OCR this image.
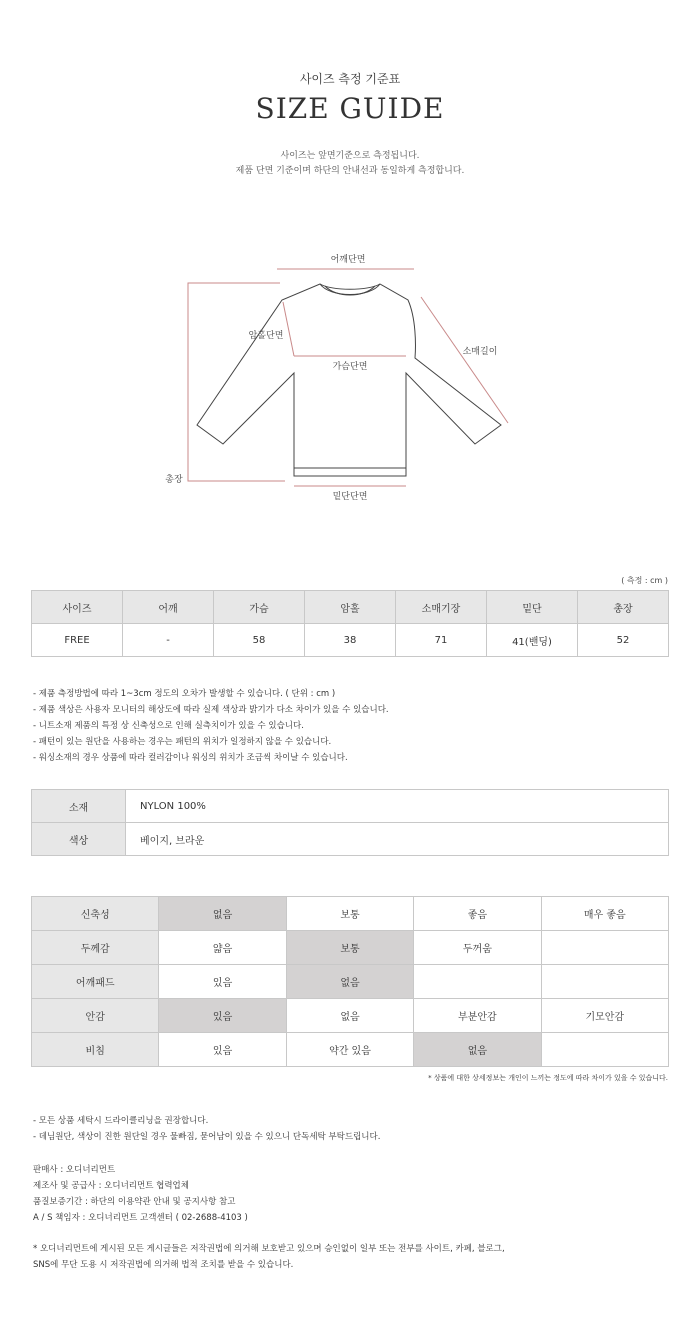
사이즈 측정 기준표
SIZE GUIDE
사이즈는 앞면기준으로 측정됩니다.
제품 단면 기준이며 하단의 안내선과 동일하게 측정합니다.
어깨단면
암홀단면
가슴단면
소매길이
총장
밑단단면
( 측정 : cm )
사이즈	어깨	가슴	암홀	소매기장	밑단	총장
FREE	-	58	38	71	41(밴딩)	52
- 제품 측정방법에 따라 1~3cm 정도의 오차가 발생할 수 있습니다. ( 단위 : cm )
- 제품 색상은 사용자 모니터의 해상도에 따라 실제 색상과 밝기가 다소 차이가 있을 수 있습니다.
- 니트소재 제품의 특정 상 신축성으로 인해 실측치이가 있을 수 있습니다.
- 패턴이 있는 원단을 사용하는 경우는 패턴의 위치가 일정하지 않을 수 있습니다.
- 워싱소재의 경우 상품에 따라 컬러감이나 워싱의 위치가 조금씩 차이날 수 있습니다.
소재	NYLON 100%
색상	베이지, 브라운
신축성	없음	보통	좋음	매우 좋음
두께감	얇음	보통	두꺼움	
어깨패드	있음	없음		
안감	있음	없음	부분안감	기모안감
비침	있음	약간 있음	없음	
* 상품에 대한 상세정보는 개인이 느끼는 정도에 따라 차이가 있을 수 있습니다.
- 모든 상품 세탁시 드라이클리닝을 권장합니다.
- 데님원단, 색상이 진한 원단일 경우 물빠짐, 묻어남이 있을 수 있으니 단독세탁 부탁드립니다.
판매사 : 오디너리먼트
제조사 및 공급사 : 오디너리먼트 협력업체
품질보증기간 : 하단의 이용약관 안내 및 공지사항 참고
A / S 책임자 : 오디너리먼트 고객센터 ( 02-2688-4103 )
* 오디너리먼트에 게시된 모든 게시글들은 저작권법에 의거해 보호받고 있으며 승인없이 일부 또는 전부를 사이트, 카페, 블로그,
SNS에 무단 도용 시 저작권법에 의거해 법적 조치를 받을 수 있습니다.
